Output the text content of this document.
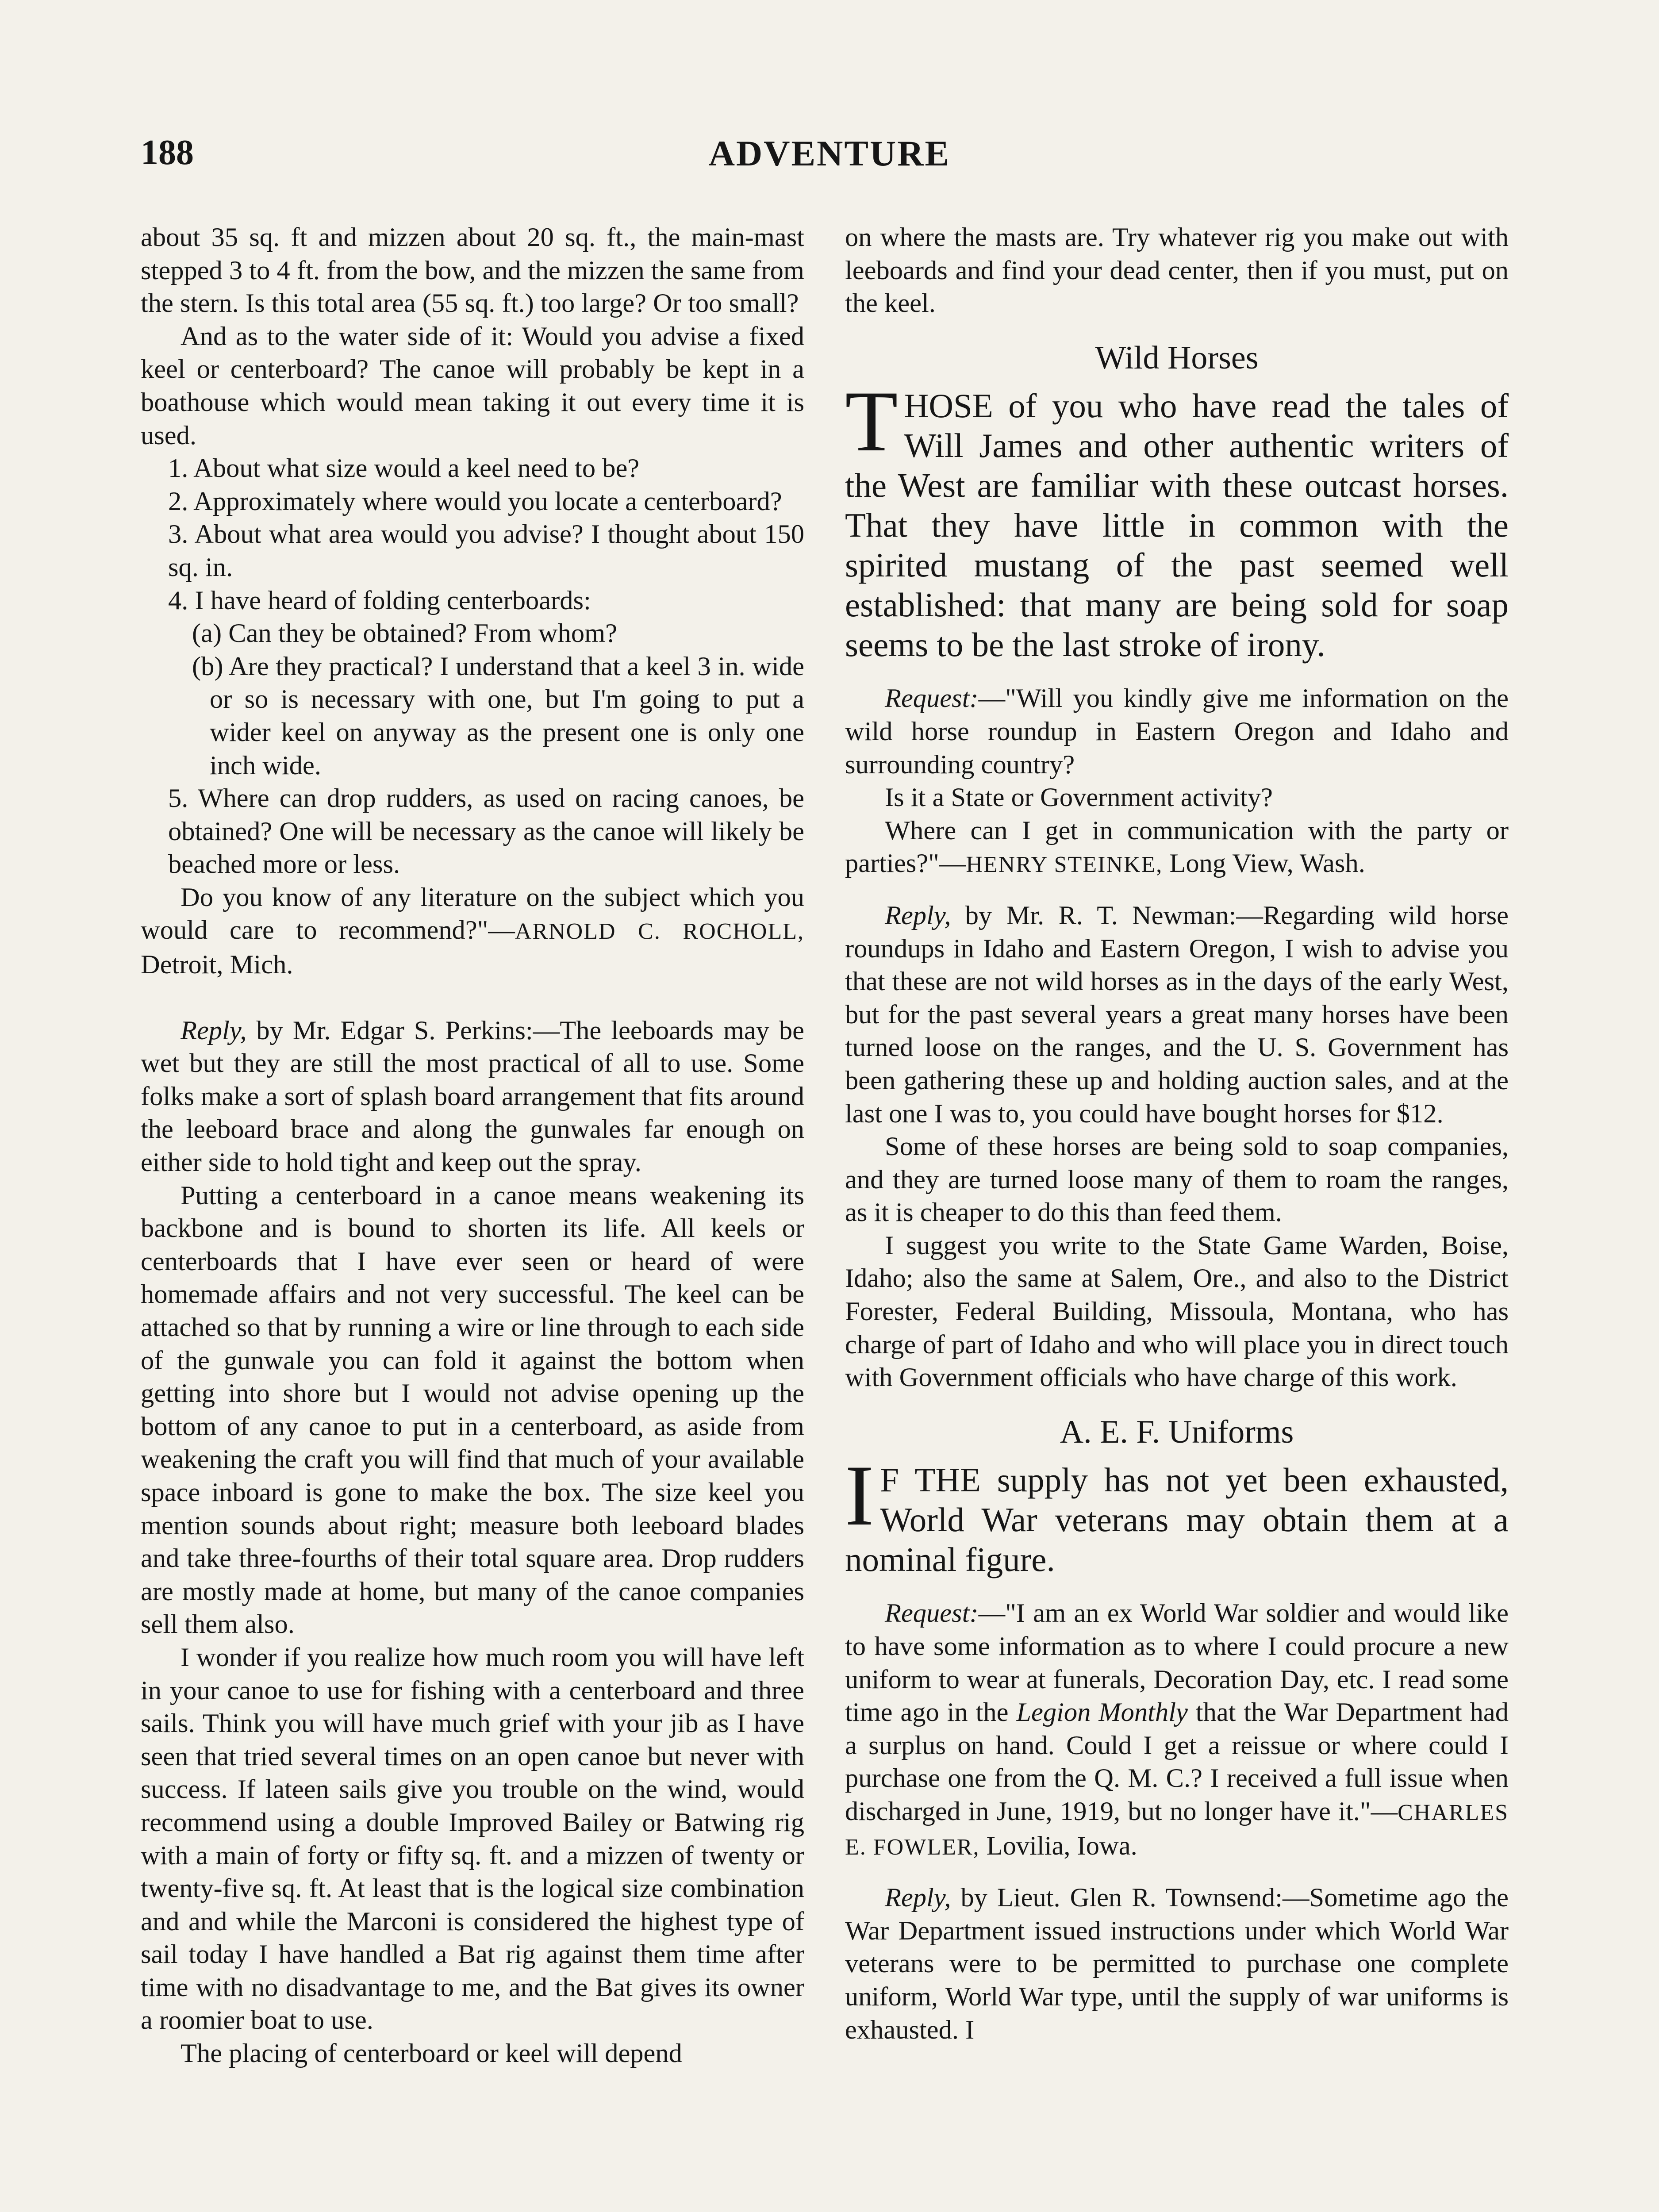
188	ADVENTURE

about 35 sq. ft and mizzen about 20 sq. ft., the main-mast stepped 3 to 4 ft. from the bow, and the mizzen the same from the stern. Is this total area (55 sq. ft.) too large? Or too small?

And as to the water side of it: Would you advise a fixed keel or centerboard? The canoe will probably be kept in a boathouse which would mean taking it out every time it is used.

1. About what size would a keel need to be?

2. Approximately where would you locate a centerboard?

3. About what area would you advise? I thought about 150 sq. in.

4. I have heard of folding centerboards:

(a) Can they be obtained? From whom?

(b) Are they practical? I understand that a keel 3 in. wide or so is necessary with one, but I'm going to put a wider keel on anyway as the present one is only one inch wide.

5. Where can drop rudders, as used on racing canoes, be obtained? One will be necessary as the canoe will likely be beached more or less.

Do you know of any literature on the subject which you would care to recommend?"—ARNOLD C. ROCHOLL, Detroit, Mich.

Reply, by Mr. Edgar S. Perkins:—The leeboards may be wet but they are still the most practical of all to use. Some folks make a sort of splash board arrangement that fits around the leeboard brace and along the gunwales far enough on either side to hold tight and keep out the spray.

Putting a centerboard in a canoe means weakening its backbone and is bound to shorten its life. All keels or centerboards that I have ever seen or heard of were homemade affairs and not very successful. The keel can be attached so that by running a wire or line through to each side of the gunwale you can fold it against the bottom when getting into shore but I would not advise opening up the bottom of any canoe to put in a centerboard, as aside from weakening the craft you will find that much of your available space inboard is gone to make the box. The size keel you mention sounds about right; measure both leeboard blades and take three-fourths of their total square area. Drop rudders are mostly made at home, but many of the canoe companies sell them also.

I wonder if you realize how much room you will have left in your canoe to use for fishing with a centerboard and three sails. Think you will have much grief with your jib as I have seen that tried several times on an open canoe but never with success. If lateen sails give you trouble on the wind, would recommend using a double Improved Bailey or Batwing rig with a main of forty or fifty sq. ft. and a mizzen of twenty or twenty-five sq. ft. At least that is the logical size combination and and while the Marconi is considered the highest type of sail today I have handled a Bat rig against them time after time with no disadvantage to me, and the Bat gives its owner a roomier boat to use.

The placing of centerboard or keel will depend

on where the masts are. Try whatever rig you make out with leeboards and find your dead center, then if you must, put on the keel.

Wild Horses

THOSE of you who have read the tales of Will James and other authentic writers of the West are familiar with these outcast horses. That they have little in common with the spirited mustang of the past seemed well established: that many are being sold for soap seems to be the last stroke of irony.

Request:—"Will you kindly give me information on the wild horse roundup in Eastern Oregon and Idaho and surrounding country?

Is it a State or Government activity?

Where can I get in communication with the party or parties?"—HENRY STEINKE, Long View, Wash.

Reply, by Mr. R. T. Newman:—Regarding wild horse roundups in Idaho and Eastern Oregon, I wish to advise you that these are not wild horses as in the days of the early West, but for the past several years a great many horses have been turned loose on the ranges, and the U. S. Government has been gathering these up and holding auction sales, and at the last one I was to, you could have bought horses for $12.

Some of these horses are being sold to soap companies, and they are turned loose many of them to roam the ranges, as it is cheaper to do this than feed them.

I suggest you write to the State Game Warden, Boise, Idaho; also the same at Salem, Ore., and also to the District Forester, Federal Building, Missoula, Montana, who has charge of part of Idaho and who will place you in direct touch with Government officials who have charge of this work.

A. E. F. Uniforms

I F THE supply has not yet been exhausted, World War veterans may obtain them at a nominal figure.

Request:—"I am an ex World War soldier and would like to have some information as to where I could procure a new uniform to wear at funerals, Decoration Day, etc. I read some time ago in the Legion Monthly that the War Department had a surplus on hand. Could I get a reissue or where could I purchase one from the Q. M. C.? I received a full issue when discharged in June, 1919, but no longer have it."—CHARLES E. FOWLER, Lovilia, Iowa.

Reply, by Lieut. Glen R. Townsend:—Sometime ago the War Department issued instructions under which World War veterans were to be permitted to purchase one complete uniform, World War type, until the supply of war uniforms is exhausted. I
